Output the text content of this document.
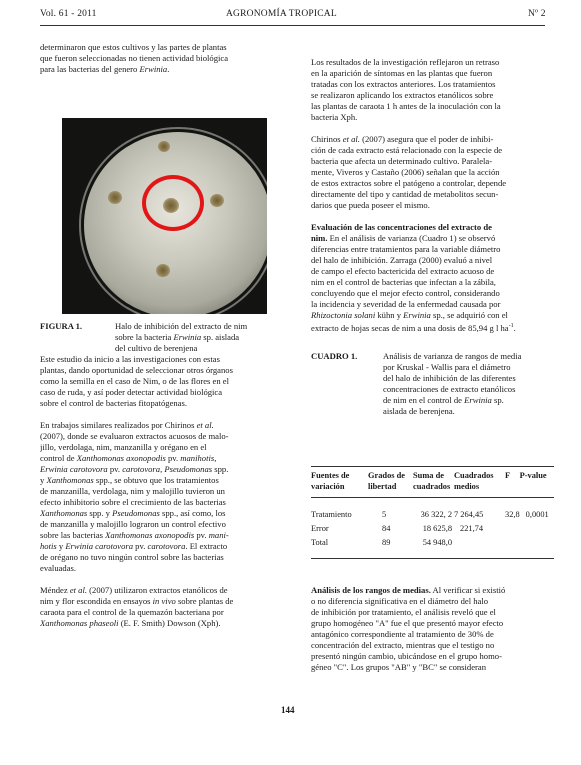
Vol. 61 - 2011	AGRONOMÍA TROPICAL	Nº 2
determinaron que estos cultivos y las partes de plantas
que fueron seleccionadas no tienen actividad biológica
para las bacterias del genero Erwinia.
FIGURA 1.	Halo de inhibición del extracto de nim
sobre la bacteria Erwinia sp. aislada
del cultivo de berenjena

Este estudio da inicio a las investigaciones con estas
plantas, dando oportunidad de seleccionar otros órganos
como la semilla en el caso de Nim, o de las flores en el
caso de ruda, y así poder detectar actividad biológica
sobre el control de bacterias fitopatógenas.

En trabajos similares realizados por Chirinos et al.
(2007), donde se evaluaron extractos acuosos de malo-
jillo, verdolaga, nim, manzanilla y orégano en el
control de Xanthomonas axonopodis pv. manihotis,
Erwinia carotovora pv. carotovora, Pseudomonas spp.
y Xanthomonas spp., se obtuvo que los tratamientos
de manzanilla, verdolaga, nim y malojillo tuvieron un
efecto inhibitorio sobre el crecimiento de las bacterias
Xanthomonas spp. y Pseudomonas spp., así como, los
de manzanilla y malojillo lograron un control efectivo
sobre las bacterias Xanthomonas axonopodis pv. mani-
hotis y Erwinia carotovora pv. carotovora. El extracto
de orégano no tuvo ningún control sobre las bacterias
evaluadas.

Méndez et al. (2007) utilizaron extractos etanólicos de
nim y flor escondida en ensayos in vivo sobre plantas de
caraota para el control de la quemazón bacteriana por
Xanthomonas phaseoli (E. F. Smith) Dowson (Xph).

Los resultados de la investigación reflejaron un retraso
en la aparición de síntomas en las plantas que fueron
tratadas con los extractos anteriores. Los tratamientos
se realizaron aplicando los extractos etanólicos sobre
las plantas de caraota 1 h antes de la inoculación con la
bacteria Xph.

Chirinos et al. (2007) asegura que el poder de inhibi-
ción de cada extracto está relacionado con la especie de
bacteria que afecta un determinado cultivo. Paralela-
mente, Viveros y Castaño (2006) señalan que la acción
de estos extractos sobre el patógeno a controlar, depende
directamente del tipo y cantidad de metabolitos secun-
darios que pueda poseer el mismo.

Evaluación de las concentraciones del extracto de
nim. En el análisis de varianza (Cuadro 1) se observó
diferencias entre tratamientos para la variable diámetro
del halo de inhibición. Zarraga (2000) evaluó a nivel
de campo el efecto bactericida del extracto acuoso de
nim en el control de bacterias que infectan a la zábila,
concluyendo que el mejor efecto control, considerando
la incidencia y severidad de la enfermedad causada por
Rhizoctonia solani kühn y Erwinia sp., se adquirió con el
extracto de hojas secas de nim a una dosis de 85,94 g l $ha^{-1}$.

CUADRO 1.	Análisis de varianza de rangos de media
por Kruskal - Wallis para el diámetro
del halo de inhibición de las diferentes
concentraciones de extracto etanólicos
de nim en el control de Erwinia sp.
aislada de berenjena.
Fuentes de	Grados de	Suma de	Cuadrados	F	P-value
variación	libertad	cuadrados	medios		

Tratamiento	5	36 322, 2	7 264,45	32,8	0,0001
Error	84	18 625,8	221,74		
Total	89	54 948,0			
Análisis de los rangos de medias. Al verificar si existió
o no diferencia significativa en el diámetro del halo
de inhibición por tratamiento, el análisis reveló que el
grupo homogéneo "A" fue el que presentó mayor efecto
antagónico correspondiente al tratamiento de 30% de
concentración del extracto, mientras que el testigo no
presentó ningún cambio, ubicándose en el grupo homo-
géneo "C". Los grupos "AB" y "BC" se consideran
144
